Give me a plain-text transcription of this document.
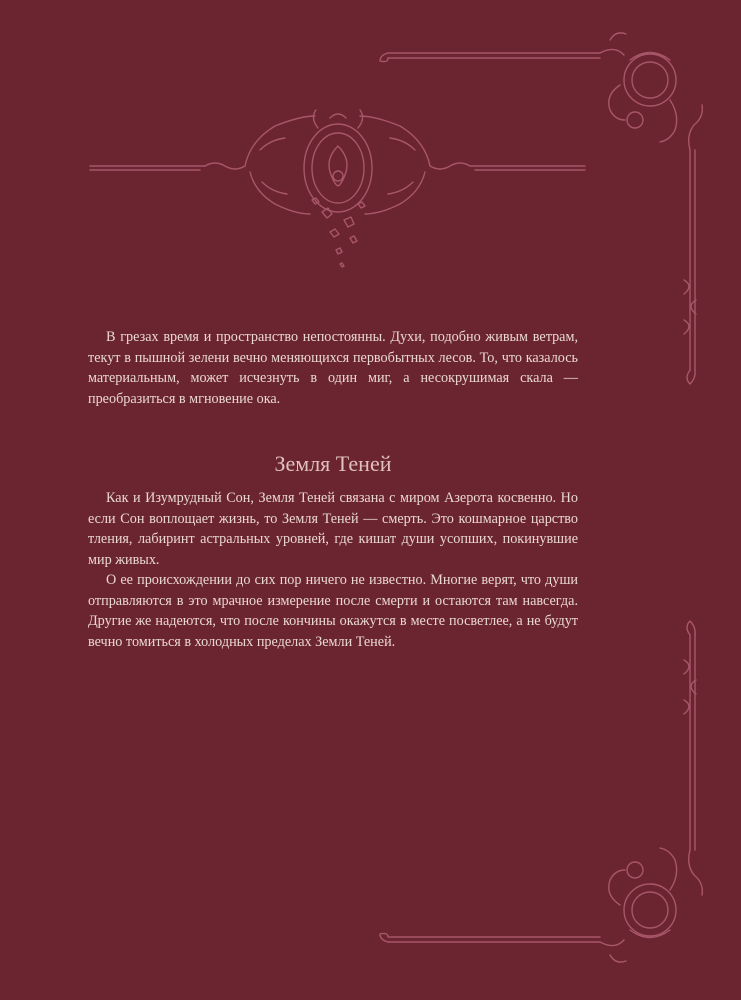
В грезах время и пространство непостоянны. Духи, подобно живым ветрам, текут в пышной зелени вечно меняющихся первобытных лесов. То, что казалось материальным, может исчезнуть в один миг, а несокрушимая скала — преобразиться в мгновение ока.

Земля Теней

Как и Изумрудный Сон, Земля Теней связана с миром Азерота косвенно. Но если Сон воплощает жизнь, то Земля Теней — смерть. Это кошмарное царство тления, лабиринт астральных уровней, где кишат души усопших, покинувшие мир живых.

О ее происхождении до сих пор ничего не известно. Многие верят, что души отправляются в это мрачное измерение после смерти и остаются там навсегда. Другие же надеются, что после кончины окажутся в месте посветлее, а не будут вечно томиться в холодных пределах Земли Теней.
